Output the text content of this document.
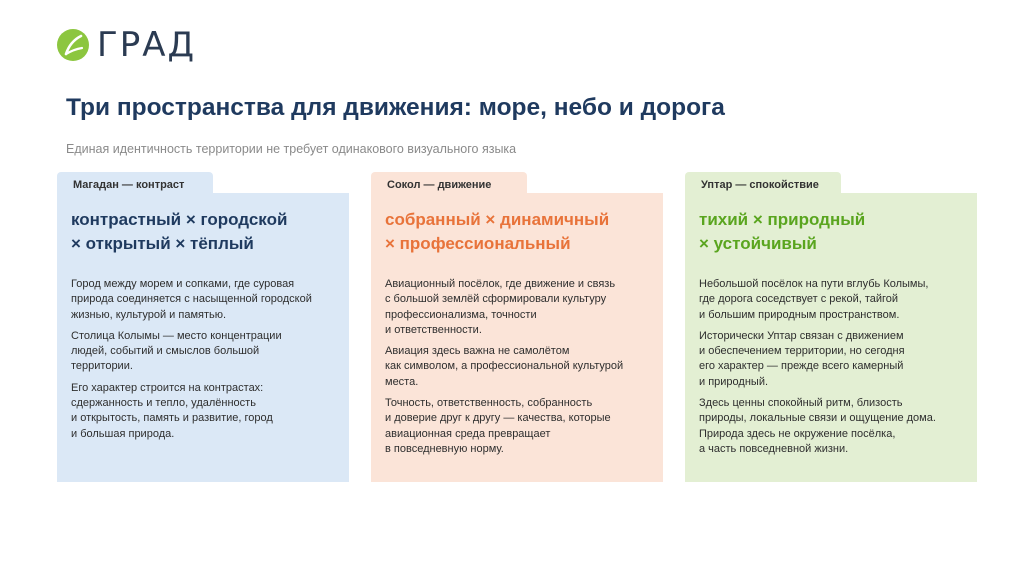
ГРАД
Три пространства для движения: море, небо и дорога
Единая идентичность территории не требует одинакового визуального языка
Магадан — контраст
контрастный × городской
× открытый × тёплый

Город между морем и сопками, где суровая
природа соединяется с насыщенной городской
жизнью, культурой и памятью.

Столица Колымы — место концентрации
людей, событий и смыслов большой
территории.

Его характер строится на контрастах:
сдержанность и тепло, удалённость
и открытость, память и развитие, город
и большая природа.

Сокол — движение
собранный × динамичный
× профессиональный

Авиационный посёлок, где движение и связь
с большой землёй сформировали культуру
профессионализма, точности
и ответственности.

Авиация здесь важна не самолётом
как символом, а профессиональной культурой
места.

Точность, ответственность, собранность
и доверие друг к другу — качества, которые
авиационная среда превращает
в повседневную норму.

Уптар — спокойствие
тихий × природный
× устойчивый

Небольшой посёлок на пути вглубь Колымы,
где дорога соседствует с рекой, тайгой
и большим природным пространством.

Исторически Уптар связан с движением
и обеспечением территории, но сегодня
его характер — прежде всего камерный
и природный.

Здесь ценны спокойный ритм, близость
природы, локальные связи и ощущение дома.
Природа здесь не окружение посёлка,
а часть повседневной жизни.
